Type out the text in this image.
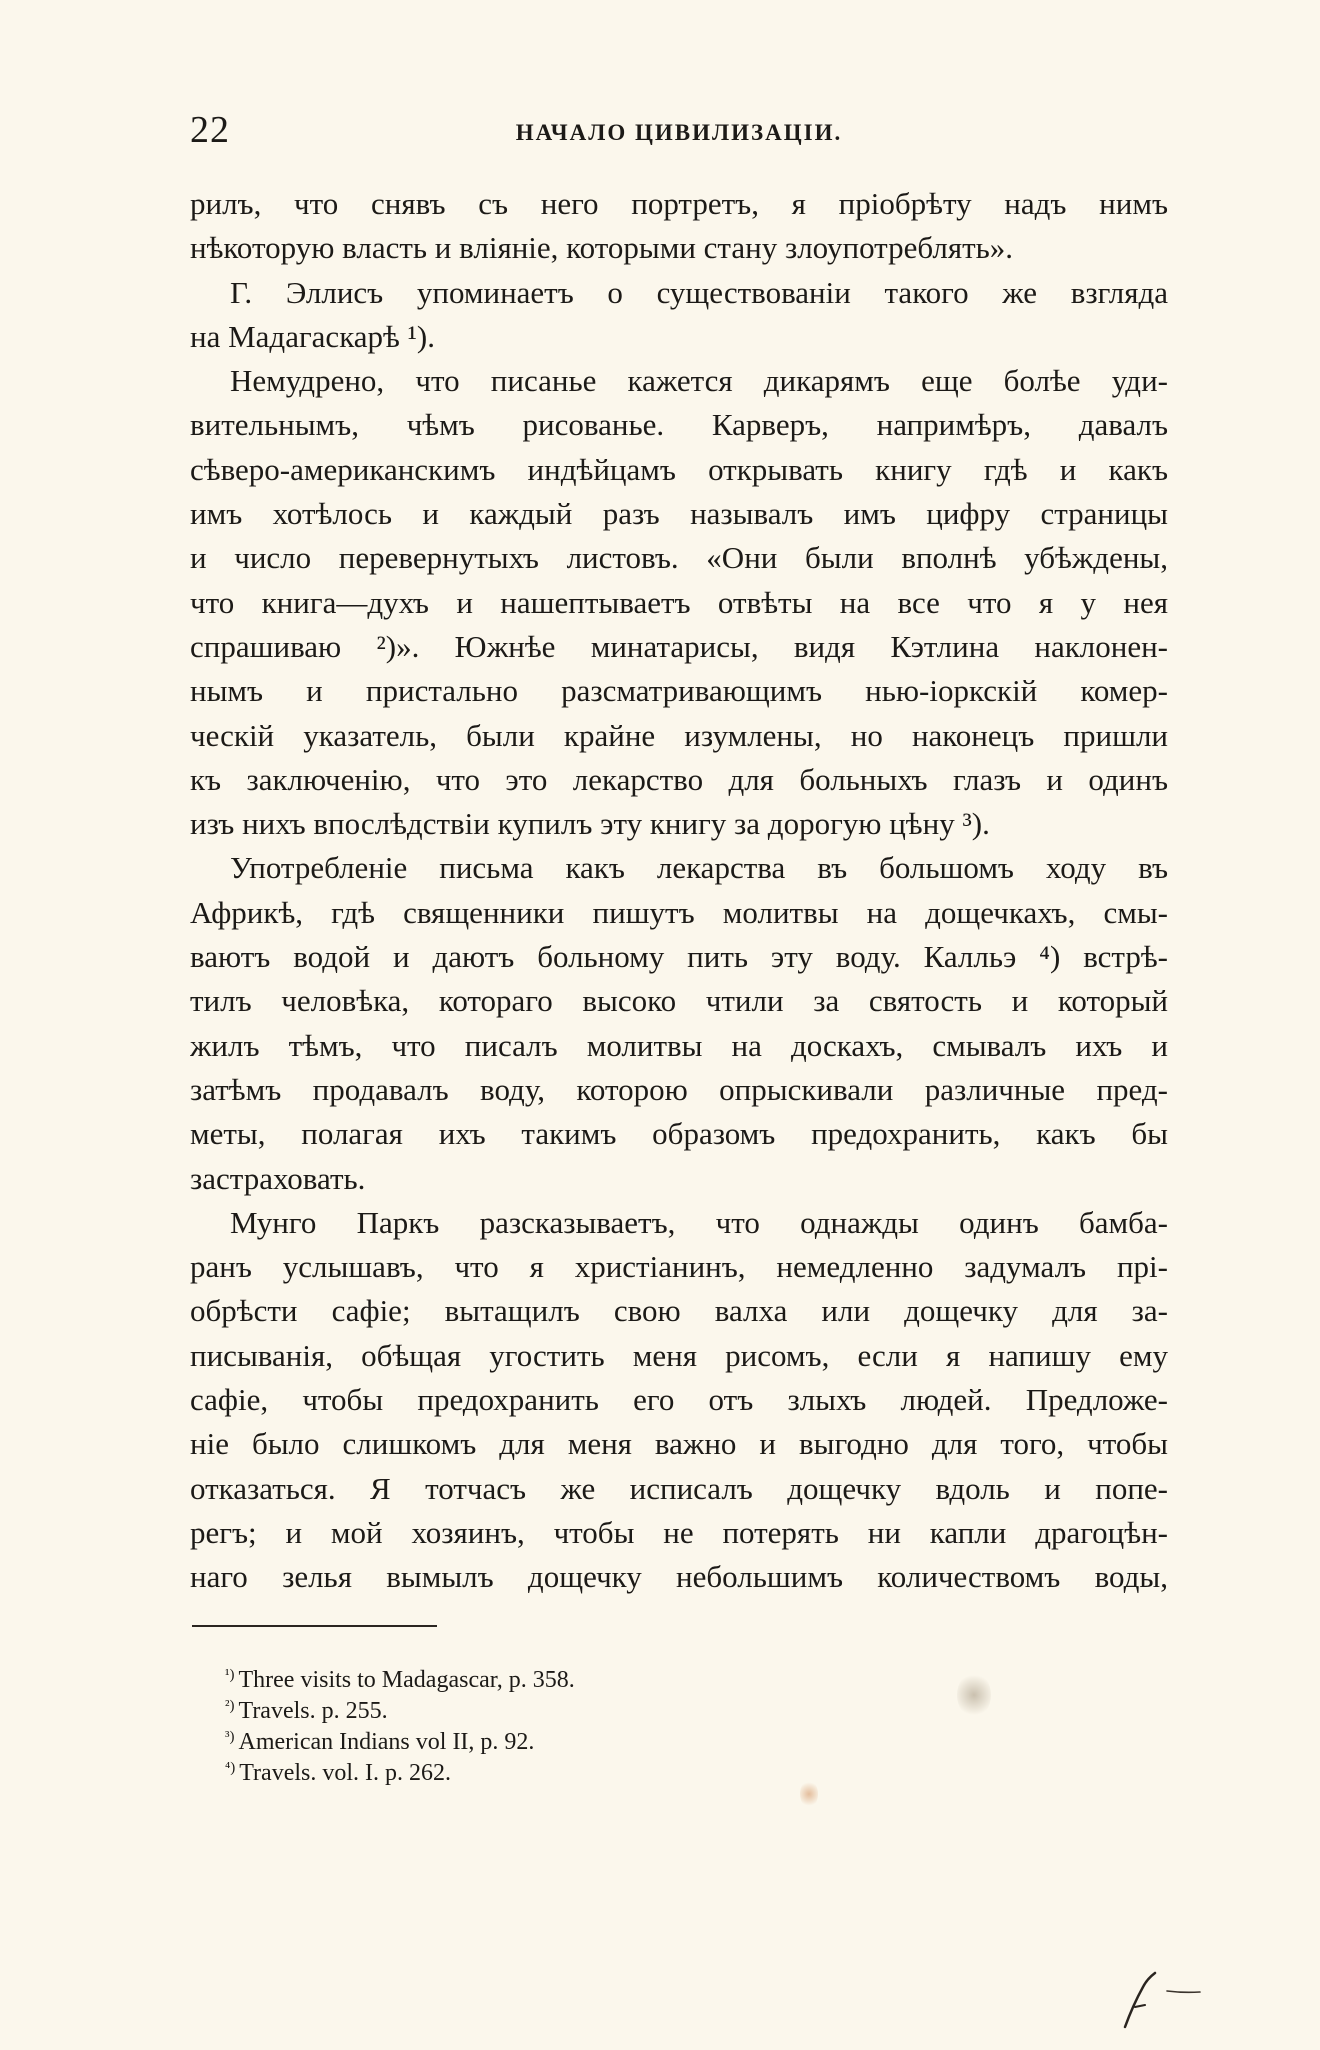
22	НАЧАЛО ЦИВИЛИЗАЦІИ.
рилъ, что снявъ съ него портретъ, я пріобрѣту надъ нимъ
нѣкоторую власть и вліяніе, которыми стану злоупотреблять».
Г. Эллисъ упоминаетъ о существованіи такого же взгляда
на Мадагаскарѣ ¹).
Немудрено, что писанье кажется дикарямъ еще болѣе уди-
вительнымъ, чѣмъ рисованье. Карверъ, напримѣръ, давалъ
сѣверо-американскимъ индѣйцамъ открывать книгу гдѣ и какъ
имъ хотѣлось и каждый разъ называлъ имъ цифру страницы
и число перевернутыхъ листовъ. «Они были вполнѣ убѣждены,
что книга—духъ и нашептываетъ отвѣты на все что я у нея
спрашиваю ²)». Южнѣе минатарисы, видя Кэтлина наклонен-
нымъ и пристально разсматривающимъ нью-іоркскій комер-
ческій указатель, были крайне изумлены, но наконецъ пришли
къ заключенію, что это лекарство для больныхъ глазъ и одинъ
изъ нихъ впослѣдствіи купилъ эту книгу за дорогую цѣну ³).
Употребленіе письма какъ лекарства въ большомъ ходу въ
Африкѣ, гдѣ священники пишутъ молитвы на дощечкахъ, смы-
ваютъ водой и даютъ больному пить эту воду. Калльэ ⁴) встрѣ-
тилъ человѣка, котораго высоко чтили за святость и который
жилъ тѣмъ, что писалъ молитвы на доскахъ, смывалъ ихъ и
затѣмъ продавалъ воду, которою опрыскивали различные пред-
меты, полагая ихъ такимъ образомъ предохранить, какъ бы
застраховать.
Мунго Паркъ разсказываетъ, что однажды одинъ бамба-
ранъ услышавъ, что я христіанинъ, немедленно задумалъ прі-
обрѣсти сафіе; вытащилъ свою валха или дощечку для за-
писыванія, обѣщая угостить меня рисомъ, если я напишу ему
сафіе, чтобы предохранить его отъ злыхъ людей. Предложе-
ніе было слишкомъ для меня важно и выгодно для того, чтобы
отказаться. Я тотчасъ же исписалъ дощечку вдоль и попе-
регъ; и мой хозяинъ, чтобы не потерять ни капли драгоцѣн-
наго зелья вымылъ дощечку небольшимъ количествомъ воды,
$^{^1)}$ Three visits to Madagascar, p. 358.
$^{^2)}$ Travels. p. 255.
$^{^3)}$ American Indians vol II, p. 92.
$^{^4)}$ Travels. vol. I. p. 262.
